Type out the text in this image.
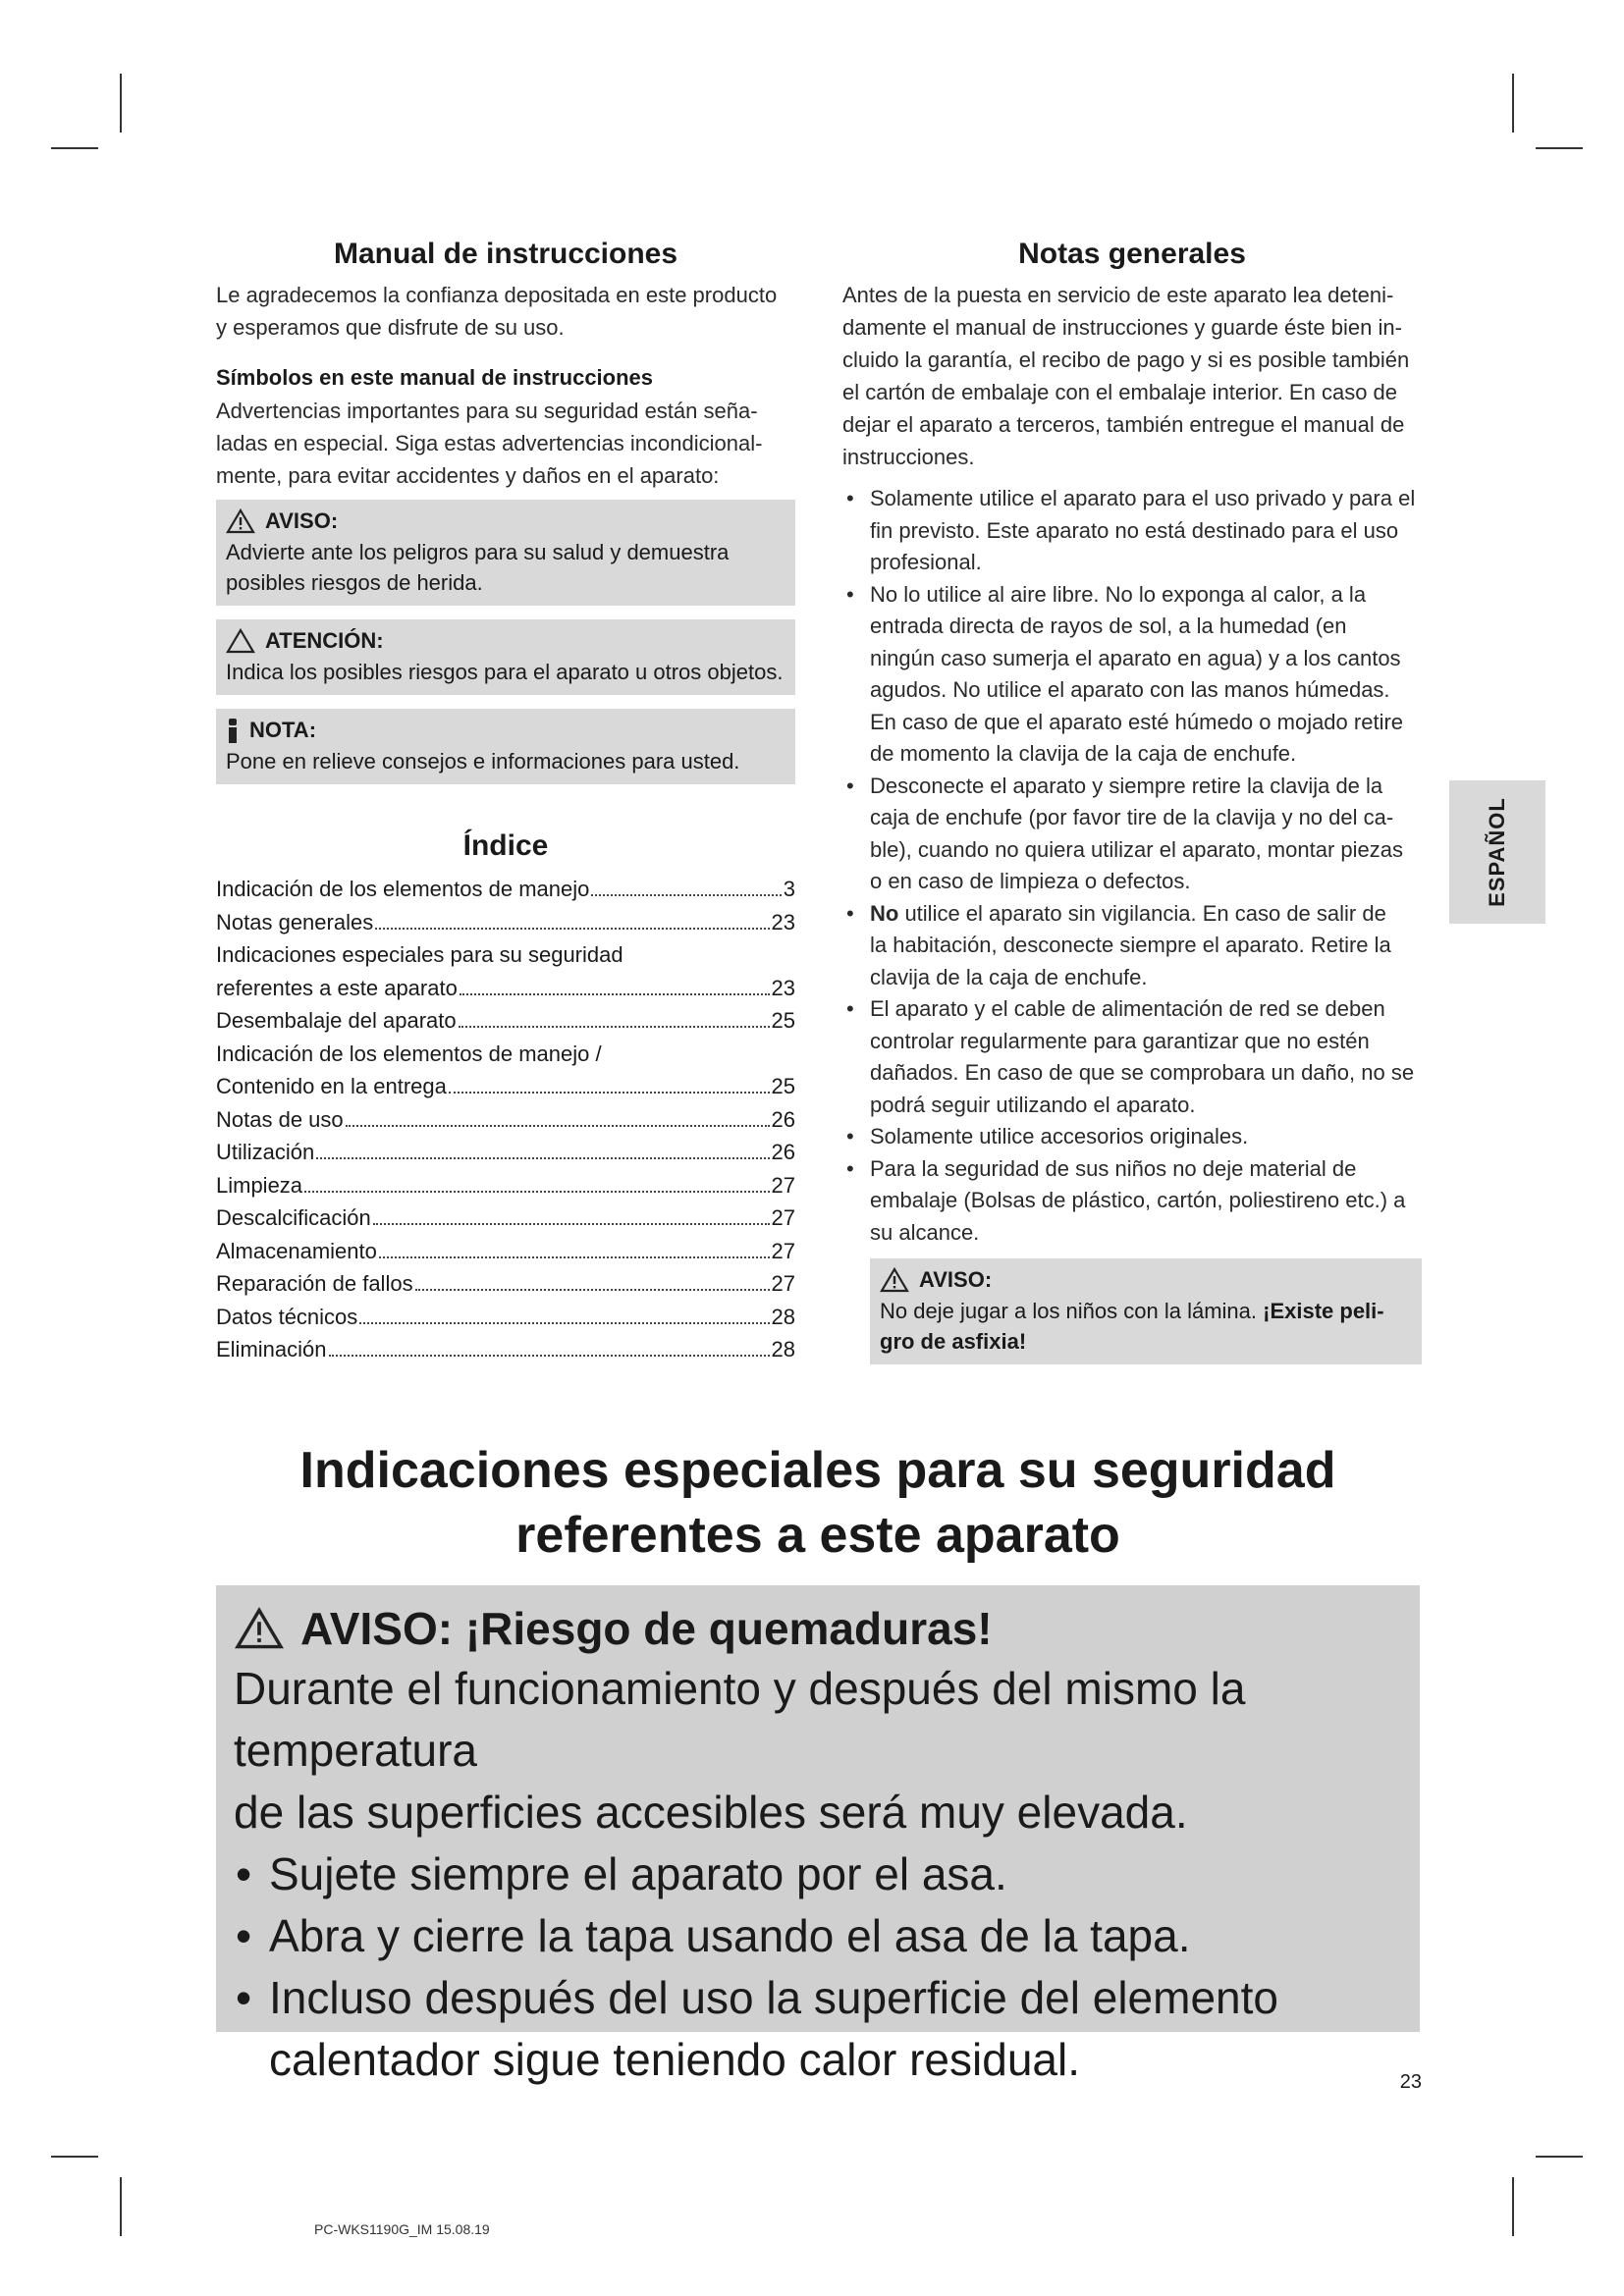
Manual de instrucciones
Le agradecemos la confianza depositada en este producto
y esperamos que disfrute de su uso.
Símbolos en este manual de instrucciones
Advertencias importantes para su seguridad están seña-
ladas en especial. Siga estas advertencias incondicional-
mente, para evitar accidentes y daños en el aparato:
AVISO:
Advierte ante los peligros para su salud y demuestra
posibles riesgos de herida.
ATENCIÓN:
Indica los posibles riesgos para el aparato u otros objetos.
NOTA:
Pone en relieve consejos e informaciones para usted.
Índice
Indicación de los elementos de manejo	3
Notas generales	23
Indicaciones especiales para su seguridad
referentes a este aparato	23
Desembalaje del aparato	25
Indicación de los elementos de manejo /
Contenido en la entrega	25
Notas de uso	26
Utilización	26
Limpieza	27
Descalcificación	27
Almacenamiento	27
Reparación de fallos	27
Datos técnicos	28
Eliminación	28
Notas generales
Antes de la puesta en servicio de este aparato lea deteni-
damente el manual de instrucciones y guarde éste bien in-
cluido la garantía, el recibo de pago y si es posible también
el cartón de embalaje con el embalaje interior. En caso de
dejar el aparato a terceros, también entregue el manual de
instrucciones.
• Solamente utilice el aparato para el uso privado y para el
fin previsto. Este aparato no está destinado para el uso
profesional.
• No lo utilice al aire libre. No lo exponga al calor, a la
entrada directa de rayos de sol, a la humedad (en
ningún caso sumerja el aparato en agua) y a los cantos
agudos. No utilice el aparato con las manos húmedas.
En caso de que el aparato esté húmedo o mojado retire
de momento la clavija de la caja de enchufe.
• Desconecte el aparato y siempre retire la clavija de la
caja de enchufe (por favor tire de la clavija y no del ca-
ble), cuando no quiera utilizar el aparato, montar piezas
o en caso de limpieza o defectos.
• No utilice el aparato sin vigilancia. En caso de salir de
la habitación, desconecte siempre el aparato. Retire la
clavija de la caja de enchufe.
• El aparato y el cable de alimentación de red se deben
controlar regularmente para garantizar que no estén
dañados. En caso de que se comprobara un daño, no se
podrá seguir utilizando el aparato.
• Solamente utilice accesorios originales.
• Para la seguridad de sus niños no deje material de
embalaje (Bolsas de plástico, cartón, poliestireno etc.) a
su alcance.
AVISO:
No deje jugar a los niños con la lámina. ¡Existe peli-
gro de asfixia!
ESPAÑOL
Indicaciones especiales para su seguridad
referentes a este aparato
AVISO: ¡Riesgo de quemaduras!
Durante el funcionamiento y después del mismo la temperatura
de las superficies accesibles será muy elevada.
• Sujete siempre el aparato por el asa.
• Abra y cierre la tapa usando el asa de la tapa.
• Incluso después del uso la superficie del elemento calentador sigue teniendo calor residual.	23
PC-WKS1190G_IM 15.08.19
